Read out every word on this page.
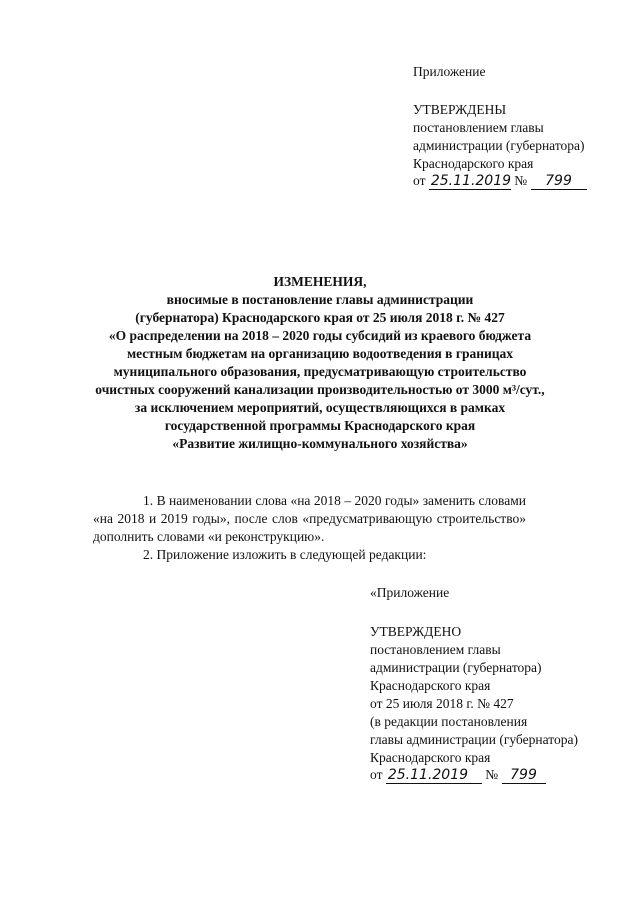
Приложение
УТВЕРЖДЕНЫ
постановлением главы
администрации (губернатора)
Краснодарского края
от 25.11.2019 № 799
ИЗМЕНЕНИЯ,
вносимые в постановление главы администрации
(губернатора) Краснодарского края от 25 июля 2018 г. № 427
«О распределении на 2018 – 2020 годы субсидий из краевого бюджета
местным бюджетам на организацию водоотведения в границах
муниципального образования, предусматривающую строительство
очистных сооружений канализации производительностью от 3000 м³/сут.,
за исключением мероприятий, осуществляющихся в рамках
государственной программы Краснодарского края
«Развитие жилищно-коммунального хозяйства»
1. В наименовании слова «на 2018 – 2020 годы» заменить словами
«на 2018 и 2019 годы», после слов «предусматривающую строительство»
дополнить словами «и реконструкцию».
2. Приложение изложить в следующей редакции:
«Приложение
УТВЕРЖДЕНО
постановлением главы
администрации (губернатора)
Краснодарского края
от 25 июля 2018 г. № 427
(в редакции постановления
главы администрации (губернатора)
Краснодарского края
от 25.11.2019 № 799
